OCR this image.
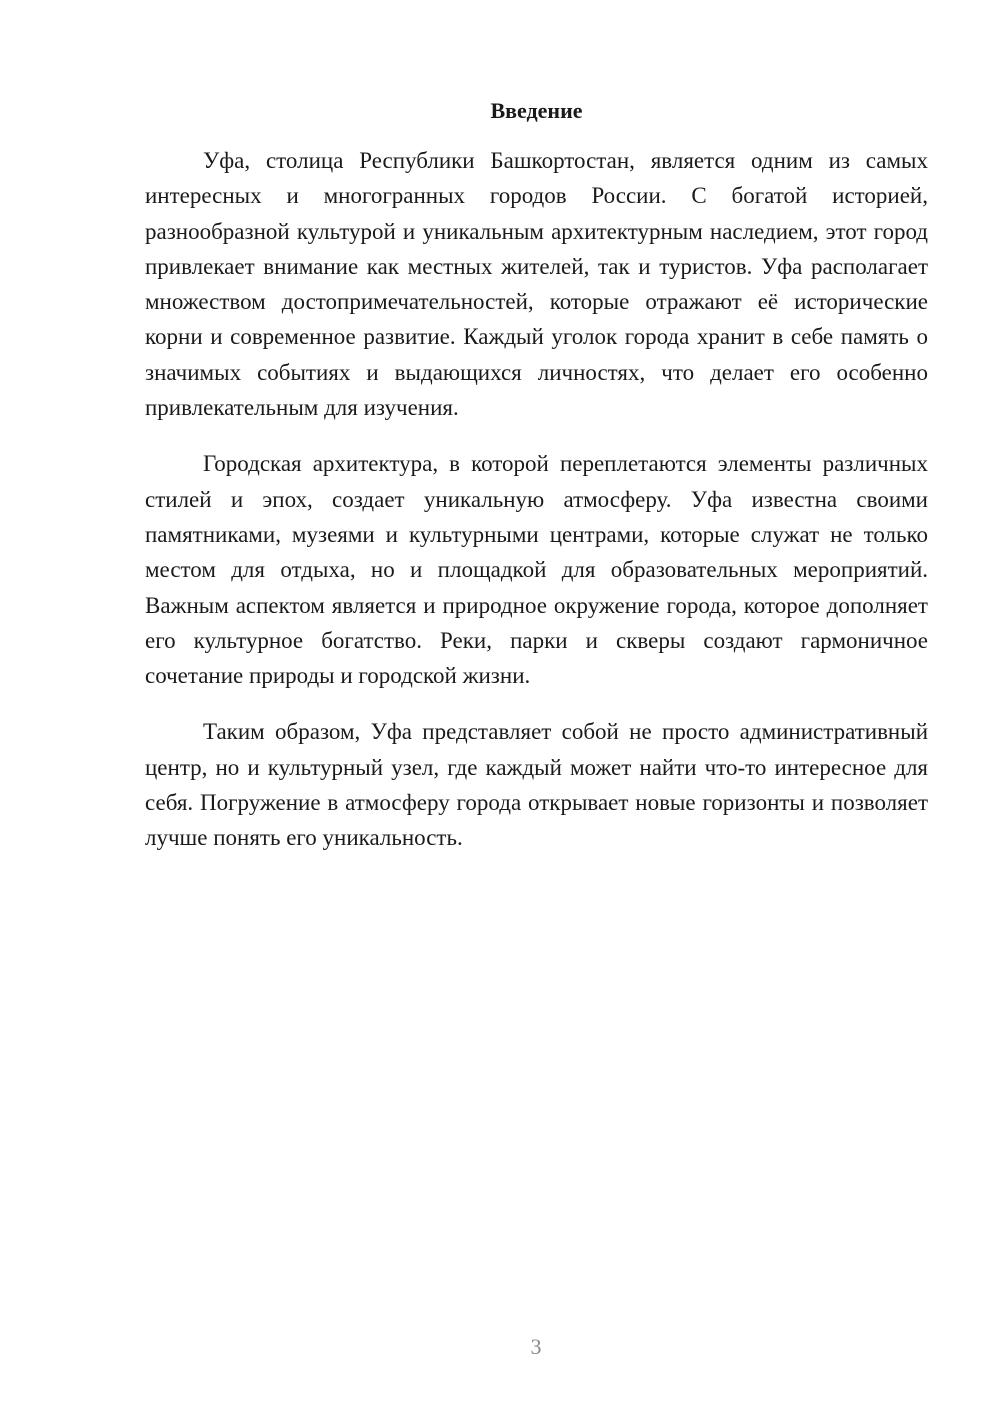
Введение

Уфа, столица Республики Башкортостан, является одним из самых интересных и многогранных городов России. С богатой историей, разнообразной культурой и уникальным архитектурным наследием, этот город привлекает внимание как местных жителей, так и туристов. Уфа располагает множеством достопримечательностей, которые отражают её исторические корни и современное развитие. Каждый уголок города хранит в себе память о значимых событиях и выдающихся личностях, что делает его особенно привлекательным для изучения.

Городская архитектура, в которой переплетаются элементы различных стилей и эпох, создает уникальную атмосферу. Уфа известна своими памятниками, музеями и культурными центрами, которые служат не только местом для отдыха, но и площадкой для образовательных мероприятий. Важным аспектом является и природное окружение города, которое дополняет его культурное богатство. Реки, парки и скверы создают гармоничное сочетание природы и городской жизни.

Таким образом, Уфа представляет собой не просто административный центр, но и культурный узел, где каждый может найти что-то интересное для себя. Погружение в атмосферу города открывает новые горизонты и позволяет лучше понять его уникальность.

3
